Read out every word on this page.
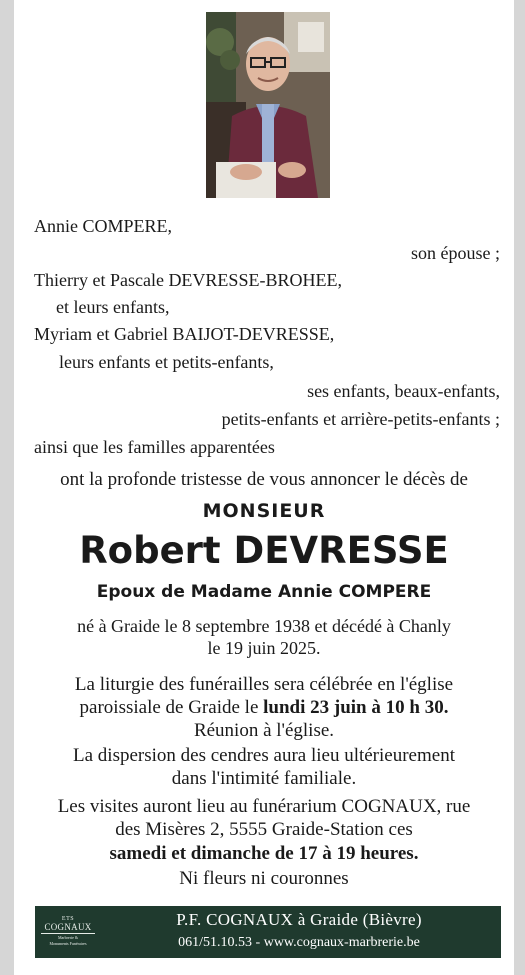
Annie COMPERE,
son épouse ;
Thierry et Pascale DEVRESSE-BROHEE,
et leurs enfants,
Myriam et Gabriel BAIJOT-DEVRESSE,
leurs enfants et petits-enfants,
ses enfants, beaux-enfants,
petits-enfants et arrière-petits-enfants ;
ainsi que les familles apparentées
ont la profonde tristesse de vous annoncer le décès de
MONSIEUR
Robert DEVRESSE
Epoux de Madame Annie COMPERE
né à Graide le 8 septembre 1938 et décédé à Chanly
le 19 juin 2025.
La liturgie des funérailles sera célébrée en l'église
paroissiale de Graide le lundi 23 juin à 10 h 30.
Réunion à l'église.
La dispersion des cendres aura lieu ultérieurement
dans l'intimité familiale.
Les visites auront lieu au funérarium COGNAUX, rue
des Misères 2, 5555 Graide-Station ces
samedi et dimanche de 17 à 19 heures.
Ni fleurs ni couronnes
ETS
COGNAUX
Marbrerie &
Monuments Funéraires
P.F. COGNAUX à Graide (Bièvre)
061/51.10.53 - www.cognaux-marbrerie.be
